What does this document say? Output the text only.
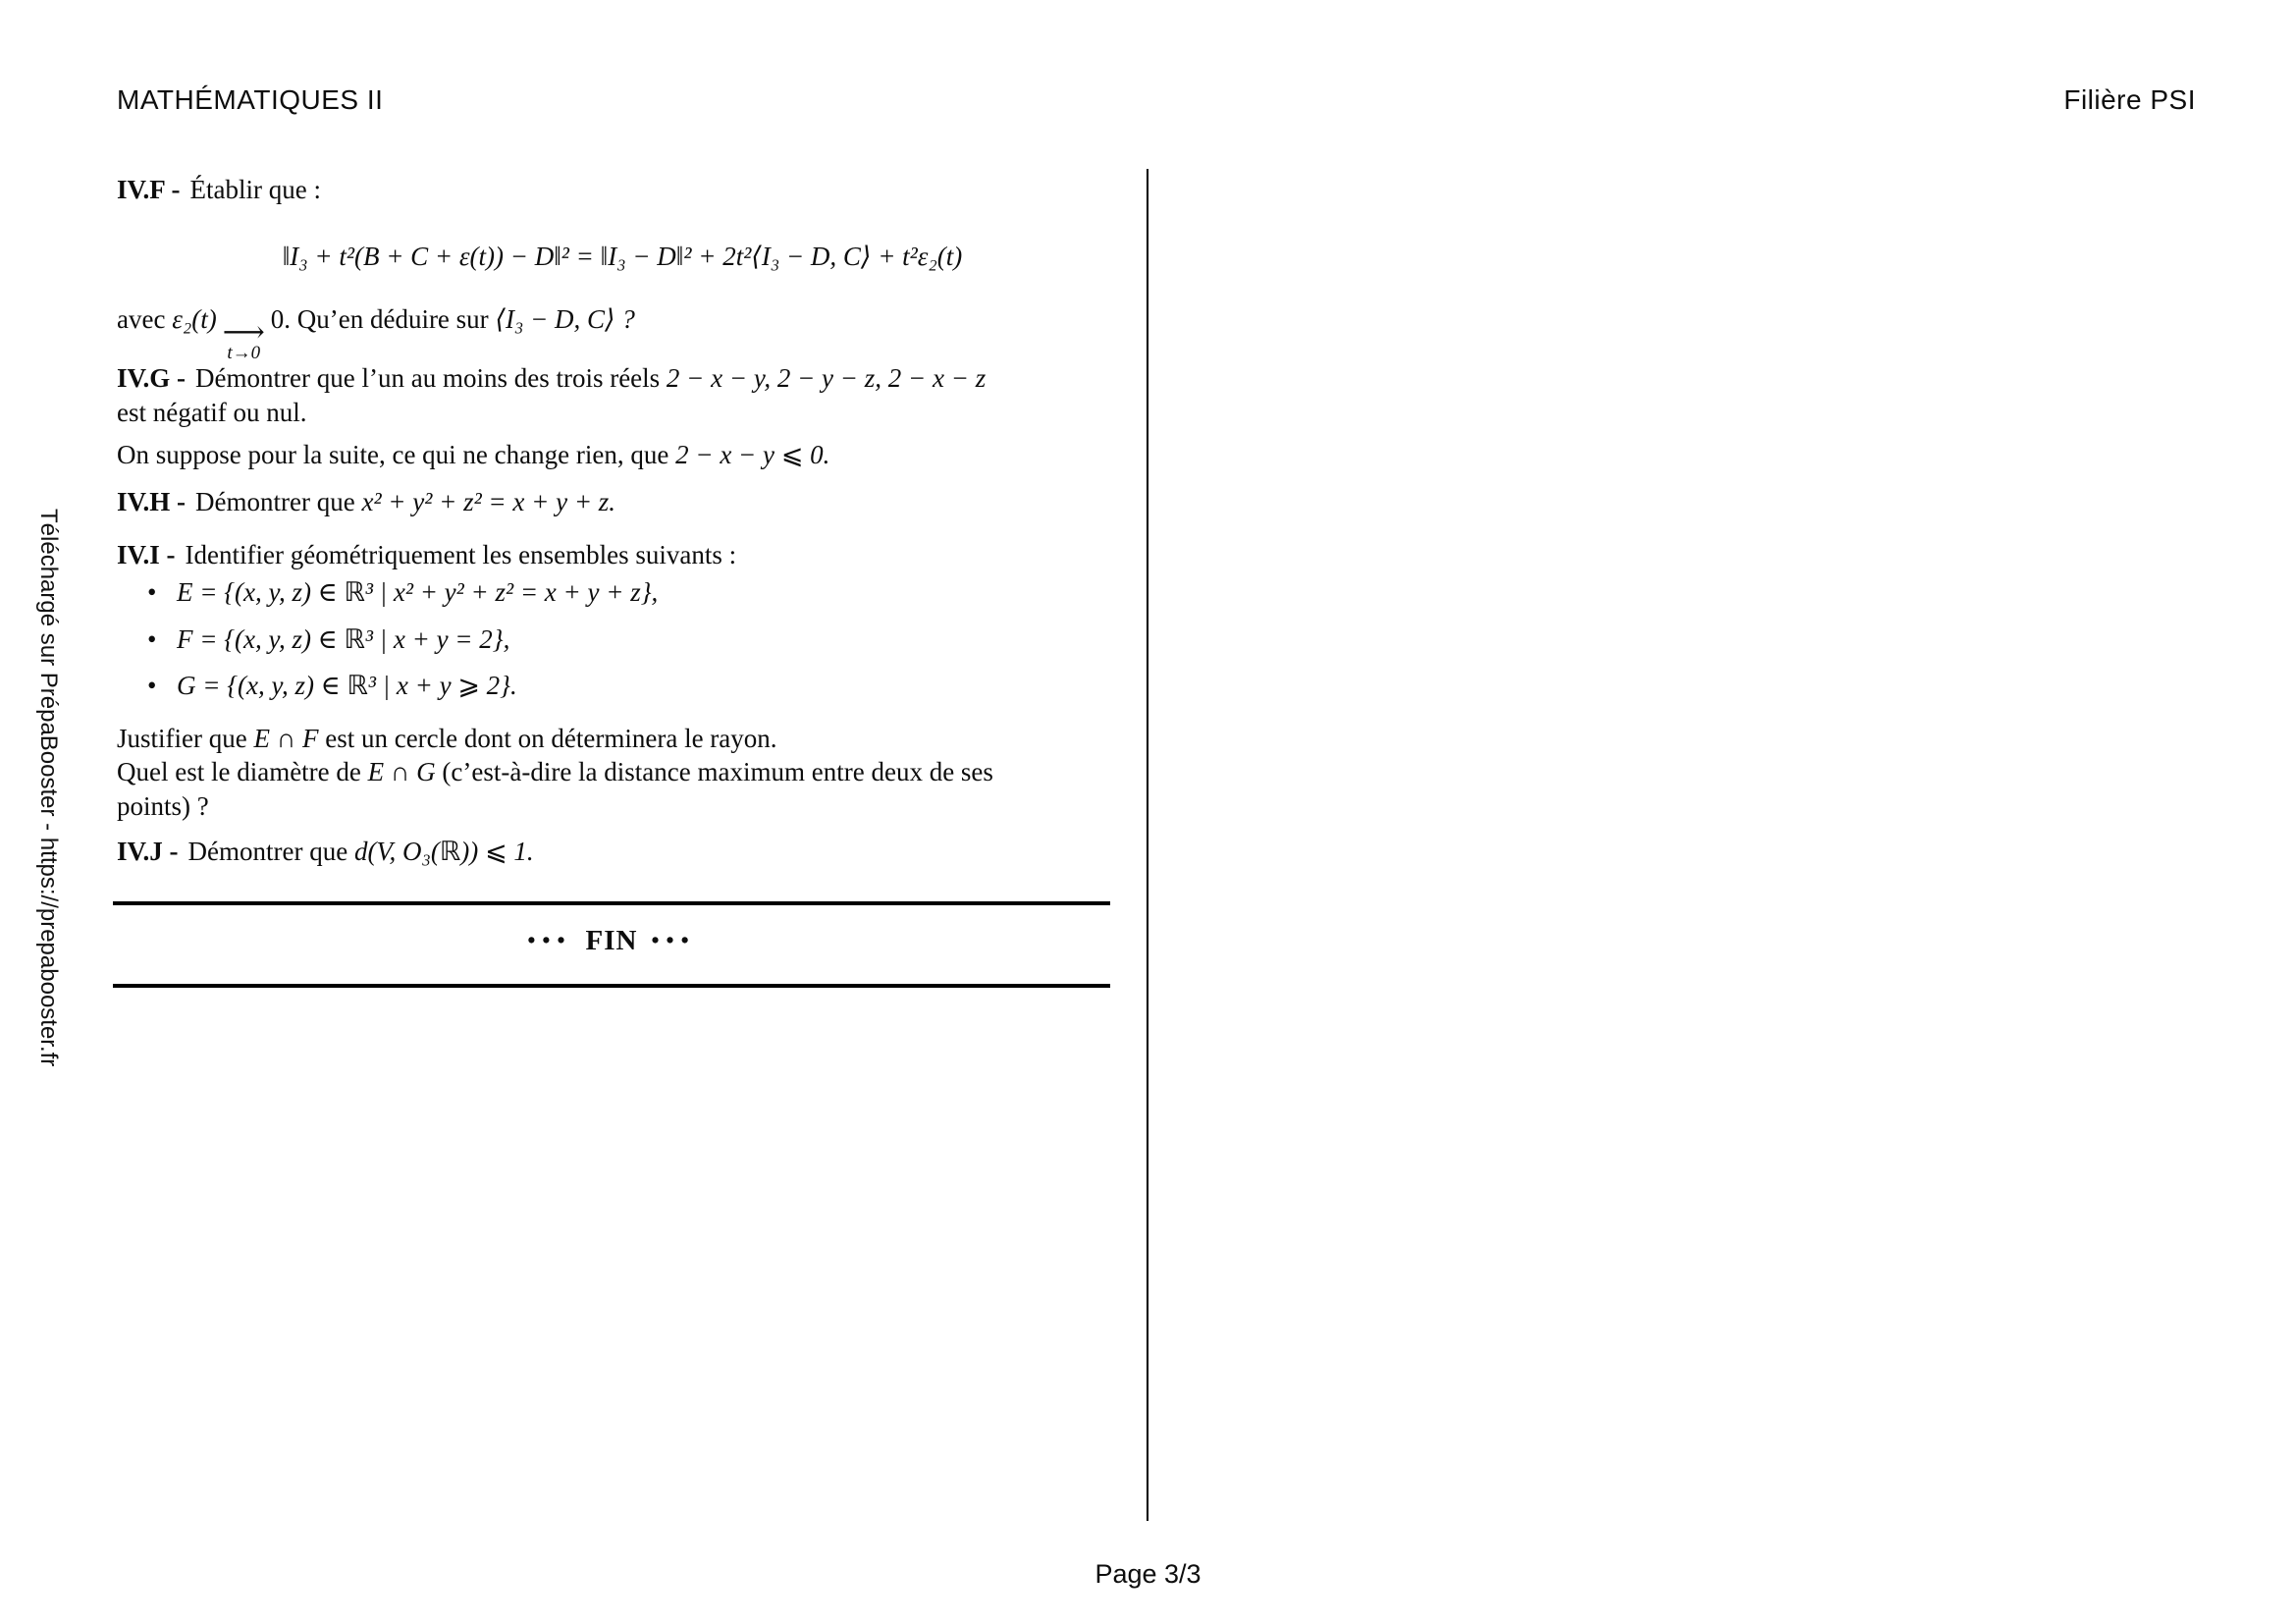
MATHÉMATIQUES II	Filière PSI
IV.F - Établir que :
‖I₃ + t²(B + C + ε(t)) − D‖² = ‖I₃ − D‖² + 2t²⟨I₃ − D, C⟩ + t²ε₂(t)
avec ε₂(t) ⟶
t→0
0. Qu’en déduire sur ⟨I₃ − D, C⟩ ?
IV.G - Démontrer que l’un au moins des trois réels 2 − x − y, 2 − y − z, 2 − x − z
est négatif ou nul.
On suppose pour la suite, ce qui ne change rien, que 2 − x − y ⩽ 0.
IV.H - Démontrer que x² + y² + z² = x + y + z.
IV.I - Identifier géométriquement les ensembles suivants :
• E = {(x, y, z) ∈ ℝ³ | x² + y² + z² = x + y + z},
• F = {(x, y, z) ∈ ℝ³ | x + y = 2},
• G = {(x, y, z) ∈ ℝ³ | x + y ⩾ 2}.
Justifier que E ∩ F est un cercle dont on déterminera le rayon.
Quel est le diamètre de E ∩ G (c’est-à-dire la distance maximum entre deux de ses
points) ?
IV.J - Démontrer que d(V, O₃(ℝ)) ⩽ 1.
••• FIN •••
Téléchargé sur PrépaBooster - https://prepabooster.fr
Page 3/3
